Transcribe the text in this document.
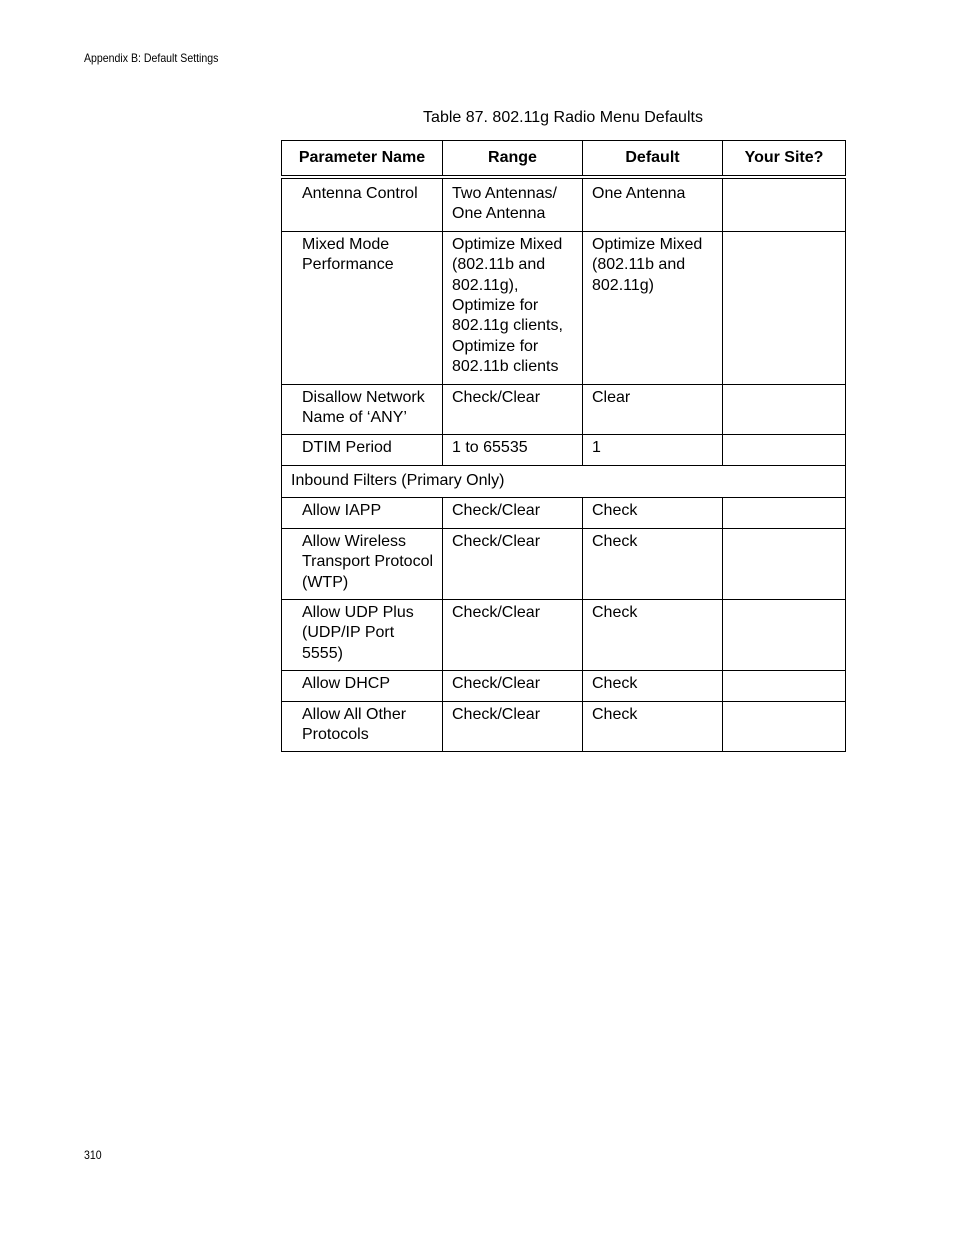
Appendix B: Default Settings
Table 87. 802.11g Radio Menu Defaults
Parameter Name	Range	Default	Your Site?
Antenna Control	Two Antennas/ One Antenna	One Antenna	
Mixed Mode Performance	Optimize Mixed (802.11b and 802.11g), Optimize for 802.11g clients, Optimize for 802.11b clients	Optimize Mixed (802.11b and 802.11g)	
Disallow Network Name of ‘ANY’	Check/Clear	Clear	
DTIM Period	1 to 65535	1	
Inbound Filters (Primary Only)			
Allow IAPP	Check/Clear	Check	
Allow Wireless Transport Protocol (WTP)	Check/Clear	Check	
Allow UDP Plus (UDP/IP Port 5555)	Check/Clear	Check	
Allow DHCP	Check/Clear	Check	
Allow All Other Protocols	Check/Clear	Check	
310
